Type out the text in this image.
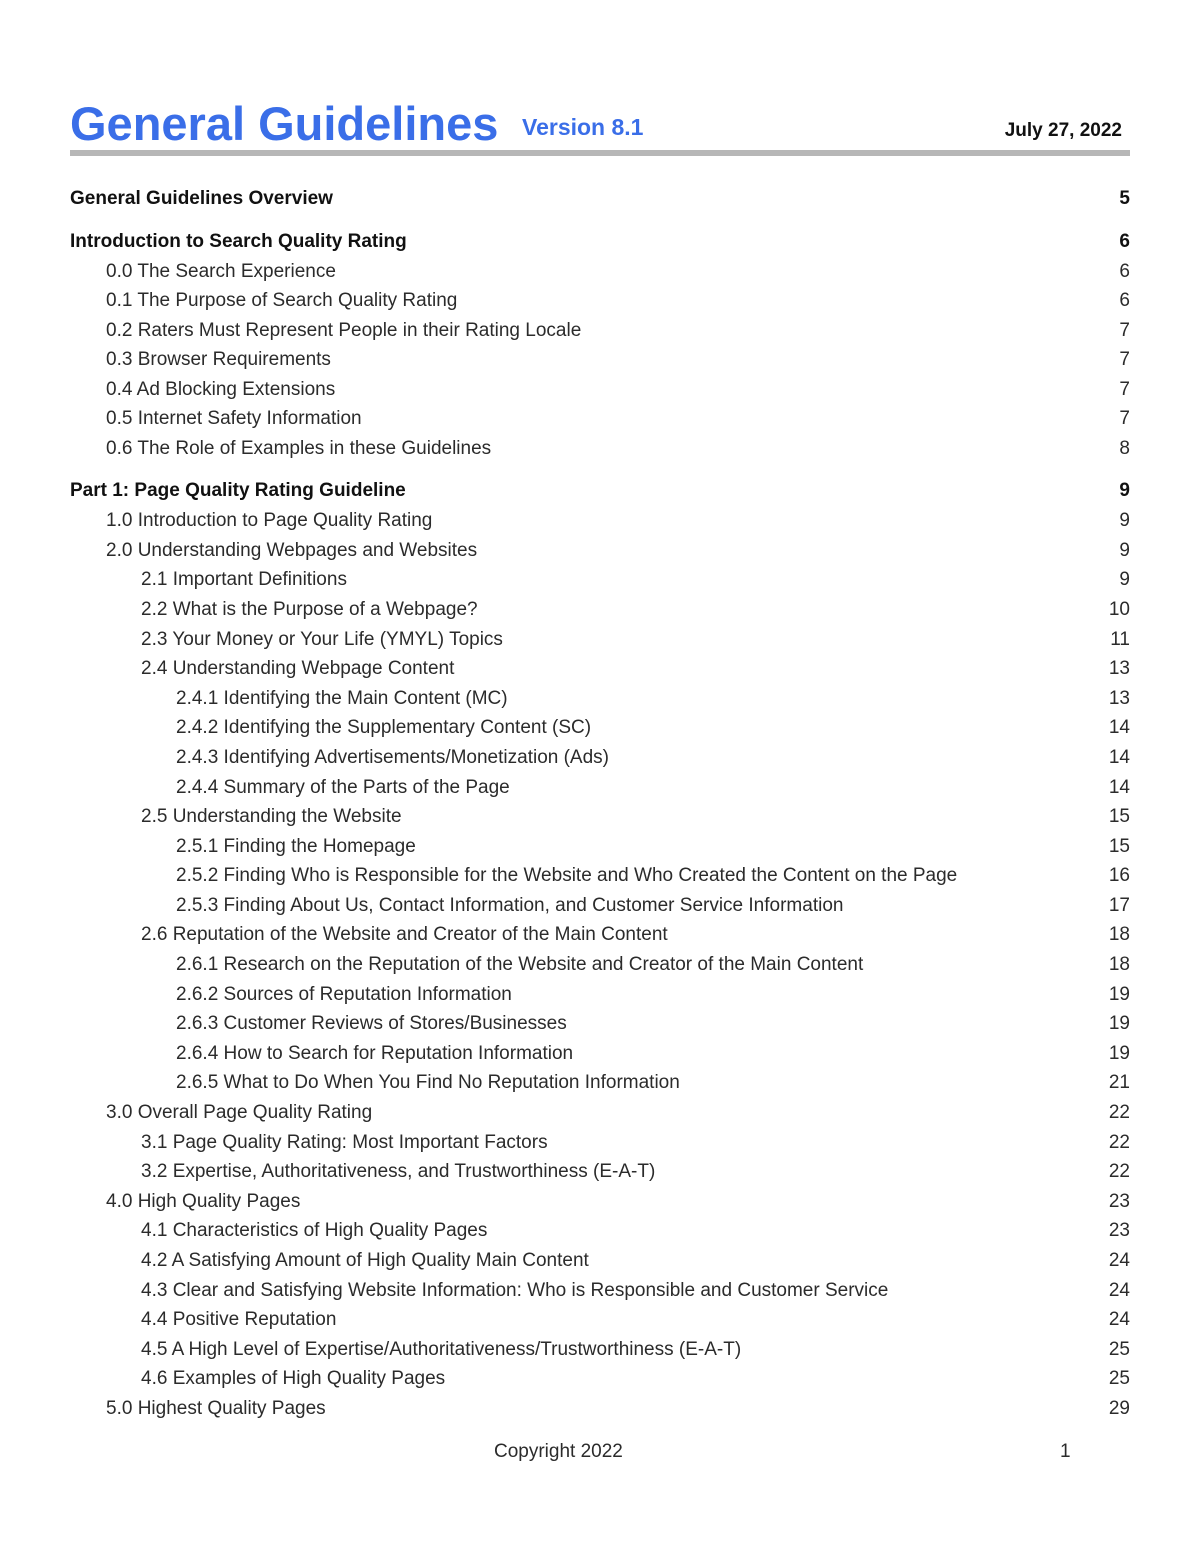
General Guidelines Version 8.1	July 27, 2022
General Guidelines Overview	5
Introduction to Search Quality Rating	6
0.0 The Search Experience	6
0.1 The Purpose of Search Quality Rating	6
0.2 Raters Must Represent People in their Rating Locale	7
0.3 Browser Requirements	7
0.4 Ad Blocking Extensions	7
0.5 Internet Safety Information	7
0.6 The Role of Examples in these Guidelines	8
Part 1: Page Quality Rating Guideline	9
1.0 Introduction to Page Quality Rating	9
2.0 Understanding Webpages and Websites	9
2.1 Important Definitions	9
2.2 What is the Purpose of a Webpage?	10
2.3 Your Money or Your Life (YMYL) Topics	11
2.4 Understanding Webpage Content	13
2.4.1 Identifying the Main Content (MC)	13
2.4.2 Identifying the Supplementary Content (SC)	14
2.4.3 Identifying Advertisements/Monetization (Ads)	14
2.4.4 Summary of the Parts of the Page	14
2.5 Understanding the Website	15
2.5.1 Finding the Homepage	15
2.5.2 Finding Who is Responsible for the Website and Who Created the Content on the Page	16
2.5.3 Finding About Us, Contact Information, and Customer Service Information	17
2.6 Reputation of the Website and Creator of the Main Content	18
2.6.1 Research on the Reputation of the Website and Creator of the Main Content	18
2.6.2 Sources of Reputation Information	19
2.6.3 Customer Reviews of Stores/Businesses	19
2.6.4 How to Search for Reputation Information	19
2.6.5 What to Do When You Find No Reputation Information	21
3.0 Overall Page Quality Rating	22
3.1 Page Quality Rating: Most Important Factors	22
3.2 Expertise, Authoritativeness, and Trustworthiness (E-A-T)	22
4.0 High Quality Pages	23
4.1 Characteristics of High Quality Pages	23
4.2 A Satisfying Amount of High Quality Main Content	24
4.3 Clear and Satisfying Website Information: Who is Responsible and Customer Service	24
4.4 Positive Reputation	24
4.5 A High Level of Expertise/Authoritativeness/Trustworthiness (E-A-T)	25
4.6 Examples of High Quality Pages	25
5.0 Highest Quality Pages	29
Copyright 2022	1
